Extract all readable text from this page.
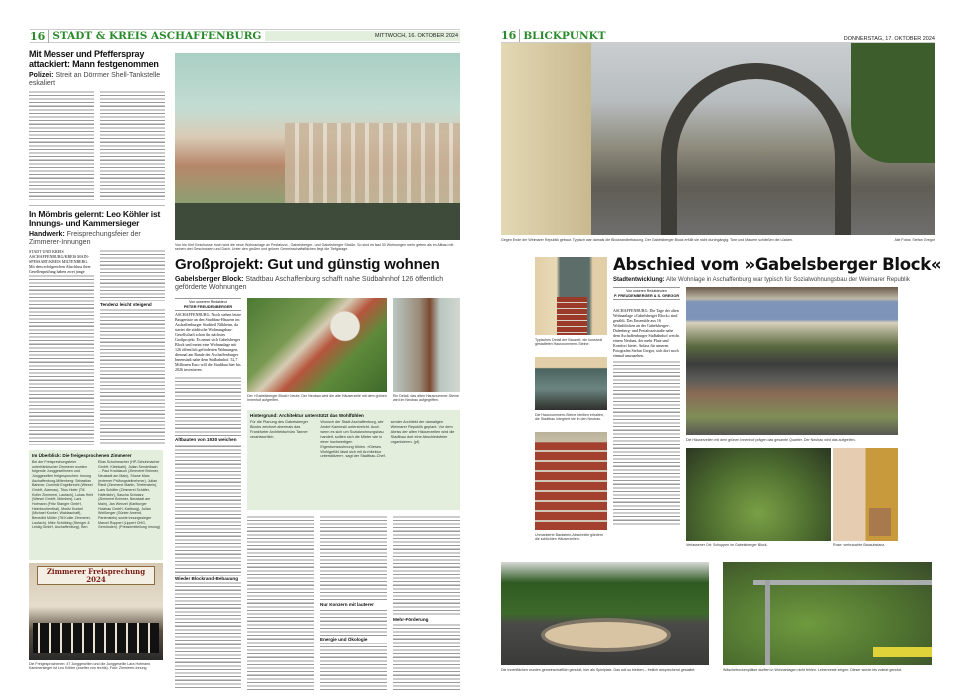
16 STADT & KREIS ASCHAFFENBURG	MITTWOCH, 16. OKTOBER 2024
Mit Messer und Pfefferspray attackiert: Mann festgenommen
Polizei: Streit an Dörrmer Shell-Tankstelle eskaliert
Von bis fünf Geschosse hoch wird die neue Wohnanlage an Pestalozzi-, Gabelsberger- und Gabelsberger Straße. So sind es fast 30 Wohnungen mehr geben als im Altbau mit seinen drei Geschossen und Dach. Unter den großen und grünen Gemeinschaftsflächen liegt die Tiefgarage.
In Mömbris gelernt: Leo Köhler ist Innungs- und Kammersieger
Handwerk: Freisprechungsfeier der Zimmerer-Innungen
STADT UND KREIS ASCHAFFENBURG/KREIS MAIN-SPESSART/KREIS MILTENBERG. Mit dem erfolgreichen Abschluss ihrer Gesellenprüfung haben zwei junge
Tendenz leicht steigend
Im Überblick: Die freigesprochenen Zimmerer
Bei der Freisprechungsfeier unterfränkischer Zimmerer wurden folgende Junggesellinnen und Junggesellen freigesprochen: Innung Aschaffenburg-Miltenberg: Sebastian Bahmer, Dominik Engelbrecht (Wiesel GmbH, Alzenau), Titus Hofer (Till Koller Zimmerei, Laufach), Lukas Hehl (Wiesel GmbH, Mömbris), Lars Hofmann (Fritz Stanger GmbH, Heimbuchenthal), Moritz Kunkel (Michael Kunkel, Waldaschaff), Benedikt Müller (Till Koller Zimmerei, Laufach), Mike Schöbing (Stenger & Leidig GmbH, Aschaffenburg), Ben Elias Schuhmacher (HP-Schuhmacher GmbH, Kleinkahl), Julian Sendelbach ... Paul Knoblauch (Zimmerei Brönner, Neustadt am Main), Shane Marc (externer Prüfungsteilnehmer), Julian Riedl (Zimmerei Martin, Triefenstein), Lars Schäfer (Zimmerei Schäfer, Hafenlohr), Sascha Schwarz (Zimmerei Brönner, Neustadt am Main), Jan Wenzel (Karlburger Holzbau GmbH, Karlburg), Julian Weißenger (Günter Amend, Partenstein) sowie Innungssieger Marcel Roppert (Lippert OHG, Gemünden). (Pressemitteilung Innung)
Zimmerer Freisprechung 2024
Die Freigesprochenen: 47 Junggesellen und die Junggesellin Lara Hofmann. Kammersieger ist Leo Köhler (zweiter von rechts). Foto: Zimmerer-Innung
Großprojekt: Gut und günstig wohnen
Gabelsberger Block: Stadtbau Aschaffenburg schafft nahe Südbahnhof 126 öffentlich geförderte Wohnungen
Von unserem Redakteur
PETER FREUDENBERGER
ASCHAFFENBURG. Noch stehen letzte Baugerüste an den Stadtbau-Häusern im Aschaffenburger Stadtteil Nilkheim, da startet die städtische Wohnungsbau-Gesellschaft schon ihr nächstes Großprojekt. Es nennt sich Gabelsberger Block und meint eine Wohnanlage mit 126 öffentlich geförderten Wohnungen, diesmal am Rande der Aschaffenburger Innenstadt nahe dem Südbahnhof. 52,7 Millionen Euro will die Stadtbau hier bis 2026 investieren.
Altbauten von 1930 weichen
Wieder Blockrand-Bebauung
Der »Gabelsberger Block« heute: Der Neubau wird die alte Häuserzeile mit dem grünen Innenhof aufgreifen.
Ein Detail, das alten Hausnummer-Steine wird im Neubau aufgegriffen.
Hintergrund: Architektur unterstützt das Wohlfühlen
Für die Planung des Gabelsberger Blocks zeichnet abermals das Frankfurter Architekturbüro Tanner verantwortlich.
Wunsch der Stadt Aschaffenburg, wie André Kaminski unterstreicht. Auch wenn es sich um Sozialwohnungsbau handelt, sollten sich die Mieter wie in einer hochwertigen Eigentumswohnung fühlen. »Dieses Wohlgefühl lässt sich mit Architektur unterstützen«, sagt der Stadtbau-Chef.
sender Architekt der damaligen Weimarer Republik geplant. Vor dem Abriss der alten Häuserzeilen wird die Stadtbau dort eine Abschiedsfeier organisieren. (pf)
Nur Konzern mit lauterer
Energie und Ökologie
Mehr-Förderung
16 BLICKPUNKT	DONNERSTAG, 17. OKTOBER 2024
Gegen Ende der Weimarer Republik gebaut. Typisch war damals die Blockrandbebauung. Der Gabelsberger Block erfüllt sie nicht durchgängig. Tore und Mauern schließen die Lücken.	Alle Fotos: Stefan Gregor
Typisches Detail der Bauzeit: die kunstvoll gestalteten Hausnummern-Steine.
Die Hausnummern-Steine bleiben erhalten, die Stadtbau integriert sie in den Neubau.
Unmarkierte Backstein-Abschnitte gliedern die schlichten Häuserzeilen.
Abschied vom »Gabelsberger Block«
Stadtentwicklung: Alte Wohnlage in Aschaffenburg war typisch für Sozialwohnungsbau der Weimarer Republik
Von unseren Redakteuren
P. FREUDENBERGER & S. GREGOR
ASCHAFFENBURG. Die Tage der alten Wohnanlage »Gabelsberger Block« sind gezählt. Das Ensemble aus 16 Wohnblöcken an der Gabelsberger-, Dalenberg- und Pestalozzistraße nahe dem Aschaffenburger Südbahnhof weicht einem Neubau, der mehr Platz und Komfort bietet. Anlass für unseren Fotografen Stefan Gregor, sich dort noch einmal umzusehen.
Die Häuserzeilen mit dem grünen Innenhof prägen das gesamte Quartier. Der Neubau wird das aufgreifen.
Verlassener Ort: Schuppen im Gabelsberger Block.	Rose: verbrauchte Bausubstanz.
Die Innenflächen wurden gemeinschaftlich genutzt, hier als Spielplatz. Das soll so bleiben – freilich ansprechend gestaltet.	Wäschetrockenplätze durften in Wohnanlagen nicht fehlen. Leinenreste zeigen: Dieser wurde bis zuletzt genutzt.
